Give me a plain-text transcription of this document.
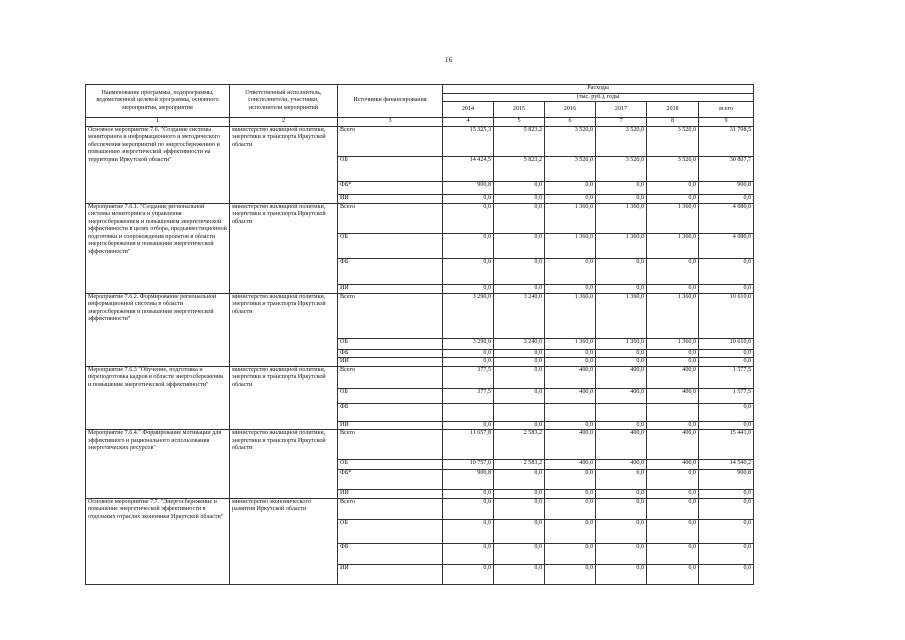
16
Наименование программы, подпрограммы, ведомственной целевой программы, основного мероприятия, мероприятия	Ответственный исполнитель, соисполнители, участники, исполнители мероприятий	Источники финансирования	Расходы					
			(тыс. руб.), годы					
			2014	2015	2016	2017	2018	всего
1	2	3	4	5	6	7	8	9
Основное мероприятие 7.6. "Создание системы мониторинга и информационного и методического обеспечения мероприятий по энергосбережению и повышению энергетической эффективности на территории Иркутской области"	министерство жилищной политики, энергетики и транспорта Иркутской области	Всего	15 325,3	5 823,2	3 520,0	3 520,0	3 520,0	31 708,5
		ОБ	14 424,5	5 823,2	3 520,0	3 520,0	3 520,0	30 807,7
		ФБ*	900,8	0,0	0,0	0,0	0,0	900,8
		ИИ	0,0	0,0	0,0	0,0	0,0	0,0
Мероприятие 7.6.1. "Создание региональной системы мониторинга и управления энергосбережением и повышением энергетической эффективности в целях отбора, предынвестиционной подготовки и сопровождения проектов в области энергосбережения и повышения энергетической эффективности"	министерство жилищной политики, энергетики и транспорта Иркутской области	Всего	0,0	0,0	1 360,0	1 360,0	1 360,0	4 080,0
		ОБ	0,0	0,0	1 360,0	1 360,0	1 360,0	4 080,0
		ФБ	0,0	0,0	0,0	0,0	0,0	0,0
		ИИ	0,0	0,0	0,0	0,0	0,0	0,0
Мероприятие 7.6.2. Формирование региональной информационной системы в области энергосбережения и повышения энергетической эффективности"	министерство жилищной политики, энергетики и транспорта Иркутской области	Всего	3 290,0	3 240,0	1 360,0	1 360,0	1 360,0	10 610,0
		ОБ	3 290,0	3 240,0	1 360,0	1 360,0	1 360,0	10 610,0
		ФБ	0,0	0,0	0,0	0,0	0,0	0,0
		ИИ	0,0	0,0	0,0	0,0	0,0	0,0
Мероприятие 7.6.3 "Обучение, подготовка и переподготовка кадров в области энергосбережения и повышения энергетической эффективности"	министерство жилищной политики, энергетики и транспорта Иркутской области	Всего	377,5	0,0	400,0	400,0	400,0	1 577,5
		ОБ	377,5	0,0	400,0	400,0	400,0	1 577,5
		ФБ						0,0
		ИИ	0,0	0,0	0,0	0,0	0,0	0,0
Мероприятие 7.6.4." Формирование мотивации для эффективного и рационального использования энергетических ресурсов"	министерство жилищной политики, энергетики и транспорта Иркутской области	Всего	11 657,8	2 583,2	400,0	400,0	400,0	15 441,0
		ОБ	10 757,0	2 583,2	400,0	400,0	400,0	14 540,2
		ФБ*	900,8	0,0	0,0	0,0	0,0	900,8
		ИИ	0,0	0,0	0,0	0,0	0,0	0,0
Основное мероприятие 7.7. "Энергосбережение и повышение энергетической эффективности в отдельных отраслях экономики Иркутской области"	министерство экономического развития Иркутской области	Всего	0,0	0,0	0,0	0,0	0,0	0,0
		ОБ	0,0	0,0	0,0	0,0	0,0	0,0
		ФБ	0,0	0,0	0,0	0,0	0,0	0,0
		ИИ	0,0	0,0	0,0	0,0	0,0	0,0
